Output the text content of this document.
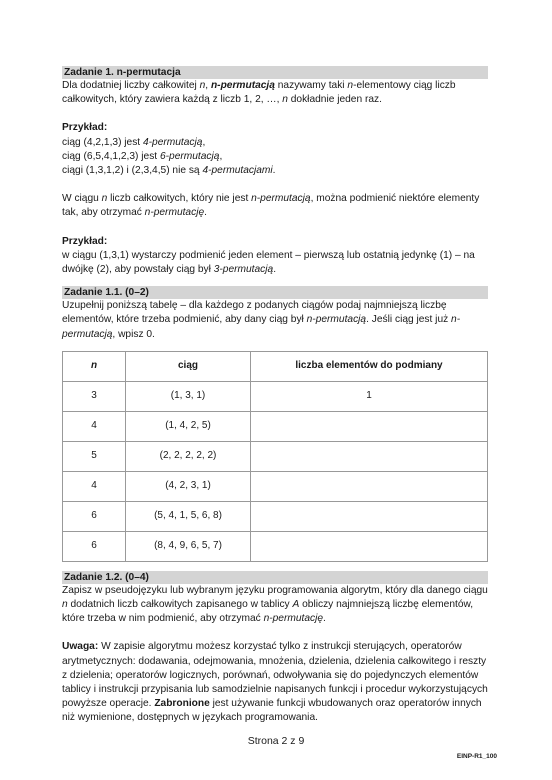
Zadanie 1. n-permutacja

Dla dodatniej liczby całkowitej n, n-permutacją nazywamy taki n-elementowy ciąg liczb całkowitych, który zawiera każdą z liczb 1, 2, …, n dokładnie jeden raz.

Przykład:

ciąg (4,2,1,3) jest 4-permutacją,

ciąg (6,5,4,1,2,3) jest 6-permutacją,

ciągi (1,3,1,2) i (2,3,4,5) nie są 4-permutacjami.

W ciągu n liczb całkowitych, który nie jest n-permutacją, można podmienić niektóre elementy tak, aby otrzymać n-permutację.

Przykład:

w ciągu (1,3,1) wystarczy podmienić jeden element – pierwszą lub ostatnią jedynkę (1) – na dwójkę (2), aby powstały ciąg był 3-permutacją.

Zadanie 1.1. (0–2)

Uzupełnij poniższą tabelę – dla każdego z podanych ciągów podaj najmniejszą liczbę elementów, które trzeba podmienić, aby dany ciąg był n-permutacją. Jeśli ciąg jest już n-permutacją, wpisz 0.

n	ciąg	liczba elementów do podmiany
3	(1, 3, 1)	1
4	(1, 4, 2, 5)	
5	(2, 2, 2, 2, 2)	
4	(4, 2, 3, 1)	
6	(5, 4, 1, 5, 6, 8)	
6	(8, 4, 9, 6, 5, 7)	
Zadanie 1.2. (0–4)

Zapisz w pseudojęzyku lub wybranym języku programowania algorytm, który dla danego ciągu n dodatnich liczb całkowitych zapisanego w tablicy A obliczy najmniejszą liczbę elementów, które trzeba w nim podmienić, aby otrzymać n-permutację.

Uwaga: W zapisie algorytmu możesz korzystać tylko z instrukcji sterujących, operatorów arytmetycznych: dodawania, odejmowania, mnożenia, dzielenia, dzielenia całkowitego i reszty z dzielenia; operatorów logicznych, porównań, odwoływania się do pojedynczych elementów tablicy i instrukcji przypisania lub samodzielnie napisanych funkcji i procedur wykorzystujących powyższe operacje. Zabronione jest używanie funkcji wbudowanych oraz operatorów innych niż wymienione, dostępnych w językach programowania.

Strona 2 z 9
EINP-R1_100
